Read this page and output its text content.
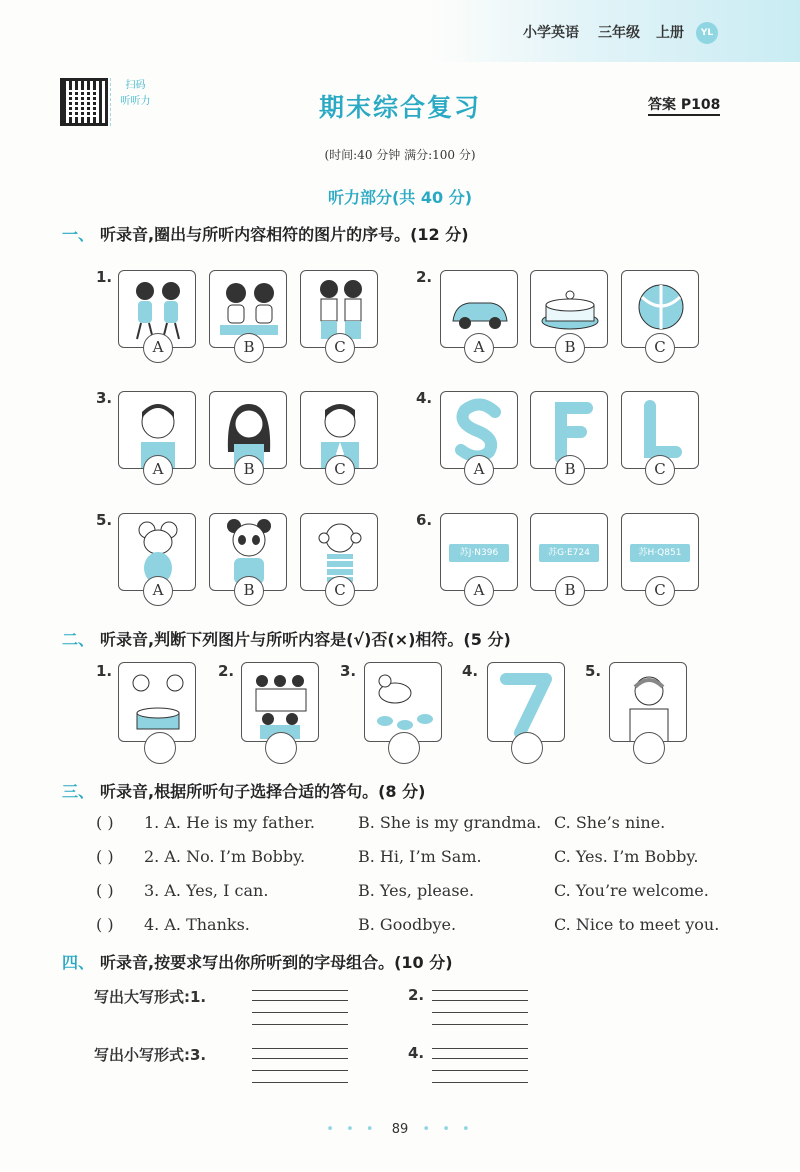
小学英语 三年级 上册	YL
扫码
听听力	期末综合复习	答案 P108
(时间:40 分钟 满分:100 分)
听力部分(共 40 分)
一、 听录音,圈出与所听内容相符的图片的序号。(12 分)
1.
A	B	C
2.
A	B	C
3.
A	B	C
4.
A	B	C
5.
A	B	C
6.
苏J·N396	苏G·E724	苏H·Q851
A	B	C
二、 听录音,判断下列图片与所听内容是(√)否(×)相符。(5 分)
1.	2.	3.	4.	5.
三、 听录音,根据所听句子选择合适的答句。(8 分)
( )	1. A. He is my father.	B. She is my grandma. C. She’s nine.
( )	2. A. No. I’m Bobby.	B. Hi, I’m Sam.	C. Yes. I’m Bobby.
( )	3. A. Yes, I can.	B. Yes, please.	C. You’re welcome.
( )	4. A. Thanks.	B. Goodbye.	C. Nice to meet you.
四、 听录音,按要求写出你所听到的字母组合。(10 分)
写出大写形式:1.	2.
写出小写形式:3.	4.
• • • 89 • • •
